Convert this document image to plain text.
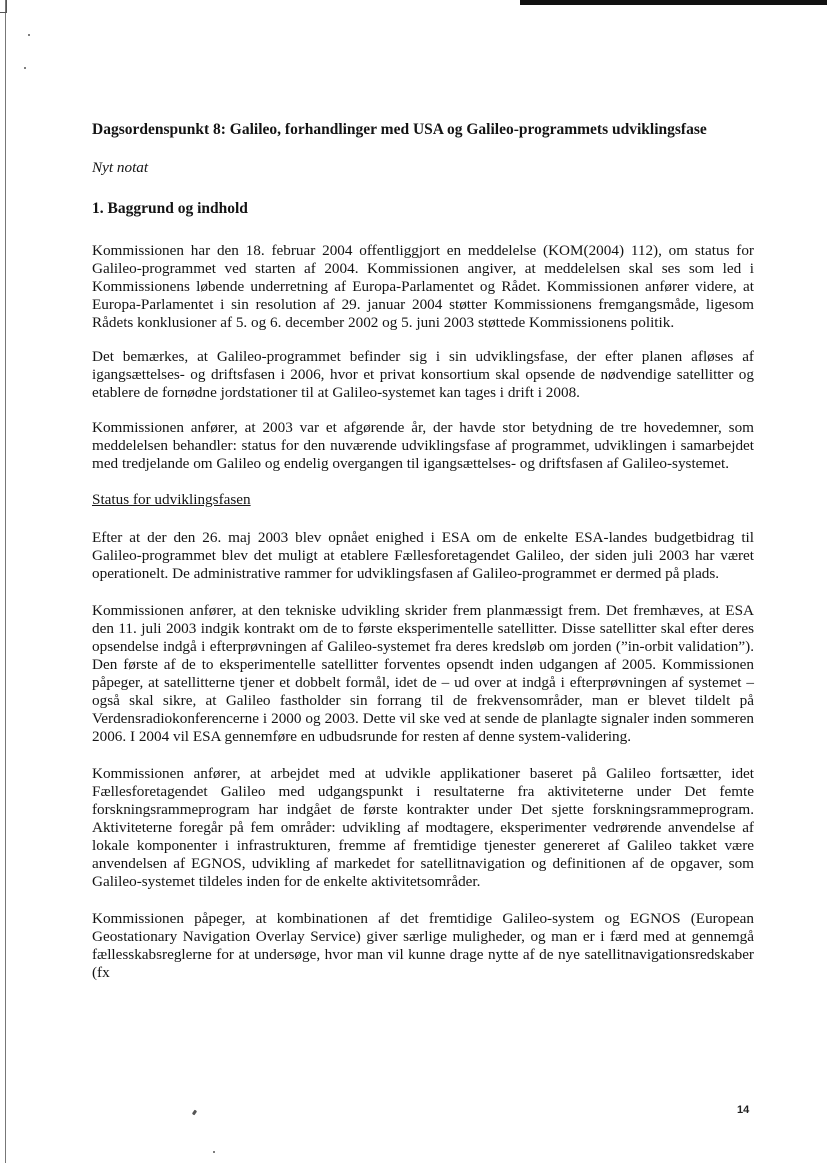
Dagsordenspunkt 8: Galileo, forhandlinger med USA og Galileo-programmets udviklingsfase

Nyt notat

1. Baggrund og indhold

Kommissionen har den 18. februar 2004 offentliggjort en meddelelse (KOM(2004) 112), om status for Galileo-programmet ved starten af 2004. Kommissionen angiver, at meddelelsen skal ses som led i Kommissionens løbende underretning af Europa-Parlamentet og Rådet. Kommissionen anfører videre, at Europa-Parlamentet i sin resolution af 29. januar 2004 støtter Kommissionens fremgangsmåde, ligesom Rådets konklusioner af 5. og 6. december 2002 og 5. juni 2003 støttede Kommissionens politik.

Det bemærkes, at Galileo-programmet befinder sig i sin udviklingsfase, der efter planen afløses af igangsættelses- og driftsfasen i 2006, hvor et privat konsortium skal opsende de nødvendige satellitter og etablere de fornødne jordstationer til at Galileo-systemet kan tages i drift i 2008.

Kommissionen anfører, at 2003 var et afgørende år, der havde stor betydning de tre hovedemner, som meddelelsen behandler: status for den nuværende udviklingsfase af programmet, udviklingen i samarbejdet med tredjelande om Galileo og endelig overgangen til igangsættelses- og driftsfasen af Galileo-systemet.

Status for udviklingsfasen

Efter at der den 26. maj 2003 blev opnået enighed i ESA om de enkelte ESA-landes budgetbidrag til Galileo-programmet blev det muligt at etablere Fællesforetagendet Galileo, der siden juli 2003 har været operationelt. De administrative rammer for udviklingsfasen af Galileo-programmet er dermed på plads.

Kommissionen anfører, at den tekniske udvikling skrider frem planmæssigt frem. Det fremhæves, at ESA den 11. juli 2003 indgik kontrakt om de to første eksperimentelle satellitter. Disse satellitter skal efter deres opsendelse indgå i efterprøvningen af Galileo-systemet fra deres kredsløb om jorden (”in-orbit validation”). Den første af de to eksperimentelle satellitter forventes opsendt inden udgangen af 2005. Kommissionen påpeger, at satellitterne tjener et dobbelt formål, idet de – ud over at indgå i efterprøvningen af systemet – også skal sikre, at Galileo fastholder sin forrang til de frekvensområder, man er blevet tildelt på Verdensradiokonferencerne i 2000 og 2003. Dette vil ske ved at sende de planlagte signaler inden sommeren 2006. I 2004 vil ESA gennemføre en udbudsrunde for resten af denne system-validering.

Kommissionen anfører, at arbejdet med at udvikle applikationer baseret på Galileo fortsætter, idet Fællesforetagendet Galileo med udgangspunkt i resultaterne fra aktiviteterne under Det femte forskningsrammeprogram har indgået de første kontrakter under Det sjette forskningsrammeprogram. Aktiviteterne foregår på fem områder: udvikling af modtagere, eksperimenter vedrørende anvendelse af lokale komponenter i infrastrukturen, fremme af fremtidige tjenester genereret af Galileo takket være anvendelsen af EGNOS, udvikling af markedet for satellitnavigation og definitionen af de opgaver, som Galileo-systemet tildeles inden for de enkelte aktivitetsområder.

Kommissionen påpeger, at kombinationen af det fremtidige Galileo-system og EGNOS (European Geostationary Navigation Overlay Service) giver særlige muligheder, og man er i færd med at gennemgå fællesskabsreglerne for at undersøge, hvor man vil kunne drage nytte af de nye satellitnavigationsredskaber (fx

14
